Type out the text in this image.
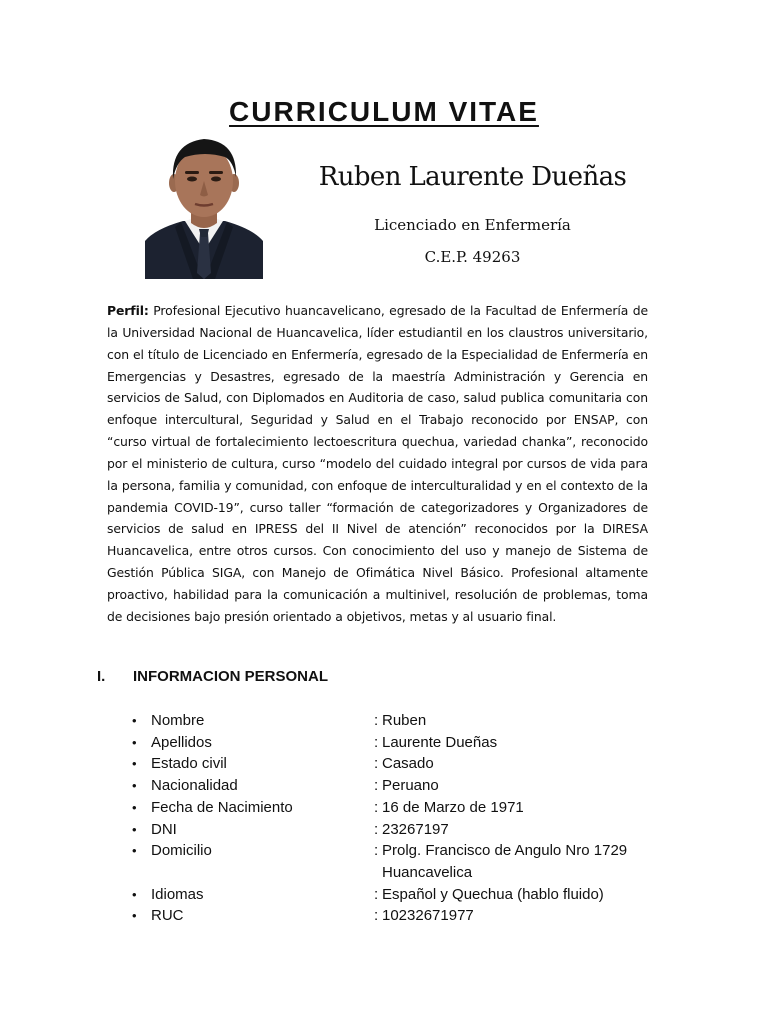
CURRICULUM VITAE
Ruben Laurente Dueñas
Licenciado en Enfermería
C.E.P. 49263
Perfil: Profesional Ejecutivo huancavelicano, egresado de la Facultad de Enfermería de la Universidad Nacional de Huancavelica, líder estudiantil en los claustros universitario, con el título de Licenciado en Enfermería, egresado de la Especialidad de Enfermería en Emergencias y Desastres, egresado de la maestría Administración y Gerencia en servicios de Salud, con Diplomados en Auditoria de caso, salud publica comunitaria con enfoque intercultural, Seguridad y Salud en el Trabajo reconocido por ENSAP, con “curso virtual de fortalecimiento lectoescritura quechua, variedad chanka”, reconocido por el ministerio de cultura, curso “modelo del cuidado integral por cursos de vida para la persona, familia y comunidad, con enfoque de interculturalidad y en el contexto de la pandemia COVID-19”, curso taller “formación de categorizadores y Organizadores de servicios de salud en IPRESS del II Nivel de atención” reconocidos por la DIRESA Huancavelica, entre otros cursos. Con conocimiento del uso y manejo de Sistema de Gestión Pública SIGA, con Manejo de Ofimática Nivel Básico. Profesional altamente proactivo, habilidad para la comunicación a multinivel, resolución de problemas, toma de decisiones bajo presión orientado a objetivos, metas y al usuario final.
I. INFORMACION PERSONAL
• Nombre	: Ruben
• Apellidos	: Laurente Dueñas
• Estado civil	: Casado
• Nacionalidad	: Peruano
• Fecha de Nacimiento	: 16 de Marzo de 1971
• DNI	: 23267197
• Domicilio	: Prolg. Francisco de Angulo Nro 1729
Huancavelica
• Idiomas	: Español y Quechua (hablo fluido)
• RUC	: 10232671977
